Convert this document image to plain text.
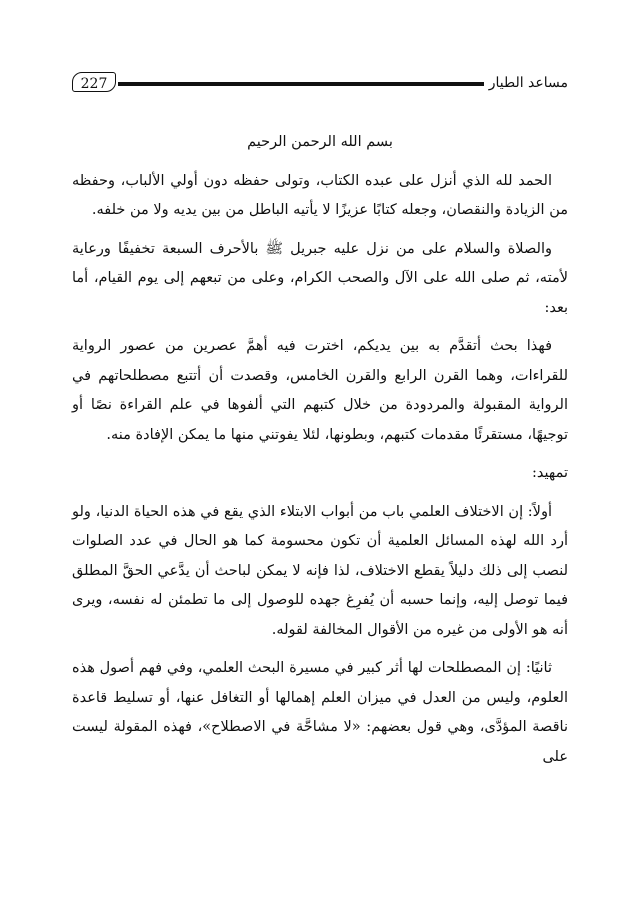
مساعد الطيار
227
بسم الله الرحمن الرحيم

الحمد لله الذي أنزل على عبده الكتاب، وتولى حفظه دون أولي الألباب، وحفظه من الزيادة والنقصان، وجعله كتابًا عزيزًا لا يأتيه الباطل من بين يديه ولا من خلفه.

والصلاة والسلام على من نزل عليه جبريل ﷺ بالأحرف السبعة تخفيفًا ورعاية لأمته، ثم صلى الله على الآل والصحب الكرام، وعلى من تبعهم إلى يوم القيام، أما بعد:

فهذا بحث أتقدَّم به بين يديكم، اخترت فيه أهمَّ عصرين من عصور الرواية للقراءات، وهما القرن الرابع والقرن الخامس، وقصدت أن أتتبع مصطلحاتهم في الرواية المقبولة والمردودة من خلال كتبهم التي ألفوها في علم القراءة نصًا أو توجيهًا، مستقرئًا مقدمات كتبهم، وبطونها، لئلا يفوتني منها ما يمكن الإفادة منه.

تمهيد:

أولاً: إن الاختلاف العلمي باب من أبواب الابتلاء الذي يقع في هذه الحياة الدنيا، ولو أرد الله لهذه المسائل العلمية أن تكون محسومة كما هو الحال في عدد الصلوات لنصب إلى ذلك دليلاً يقطع الاختلاف، لذا فإنه لا يمكن لباحث أن يدَّعي الحقَّ المطلق فيما توصل إليه، وإنما حسبه أن يُفرِغ جهده للوصول إلى ما تطمئن له نفسه، ويرى أنه هو الأولى من غيره من الأقوال المخالفة لقوله.

ثانيًا: إن المصطلحات لها أثر كبير في مسيرة البحث العلمي، وفي فهم أصول هذه العلوم، وليس من العدل في ميزان العلم إهمالها أو التغافل عنها، أو تسليط قاعدة ناقصة المؤدَّى، وهي قول بعضهم: «لا مشاحَّة في الاصطلاح»، فهذه المقولة ليست على
